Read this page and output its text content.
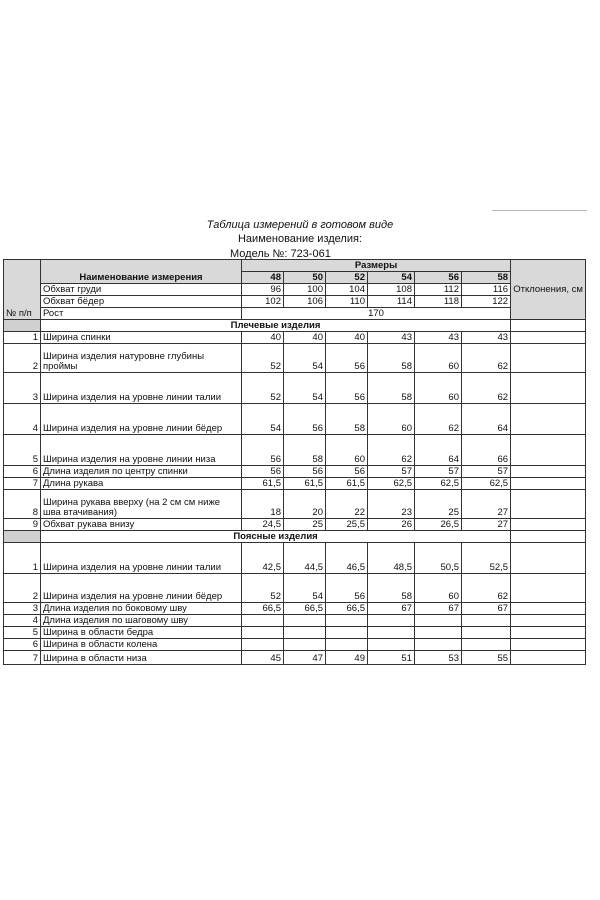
Таблица измерений в готовом виде
Наименование изделия:
Модель №: 723-061
№ п/п	Наименование измерения	Размеры						Отклонения, см
		48	50	52	54	56	58	
	Обхват груди	96	100	104	108	112	116	
	Обхват бёдер	102	106	110	114	118	122	
	Рост	170						
	Плечевые изделия							
1	Ширина спинки	40	40	40	43	43	43	
2	Ширина изделия натуровне глубины проймы	52	54	56	58	60	62	
3	Ширина изделия на уровне линии талии	52	54	56	58	60	62	
4	Ширина изделия на уровне линии бёдер	54	56	58	60	62	64	
5	Ширина изделия на уровне линии низа	56	58	60	62	64	66	
6	Длина изделия по центру спинки	56	56	56	57	57	57	
7	Длина рукава	61,5	61,5	61,5	62,5	62,5	62,5	
8	Ширина рукава вверху (на 2 см см ниже шва втачивания)	18	20	22	23	25	27	
9	Обхват рукава внизу	24,5	25	25,5	26	26,5	27	
	Поясные изделия							
1	Ширина изделия на уровне линии талии	42,5	44,5	46,5	48,5	50,5	52,5	
2	Ширина изделия на уровне линии бёдер	52	54	56	58	60	62	
3	Длина изделия по боковому шву	66,5	66,5	66,5	67	67	67	
4	Длина изделия по шаговому шву							
5	Ширина в области бедра							
6	Ширина в области колена							
7	Ширина в области низа	45	47	49	51	53	55	
